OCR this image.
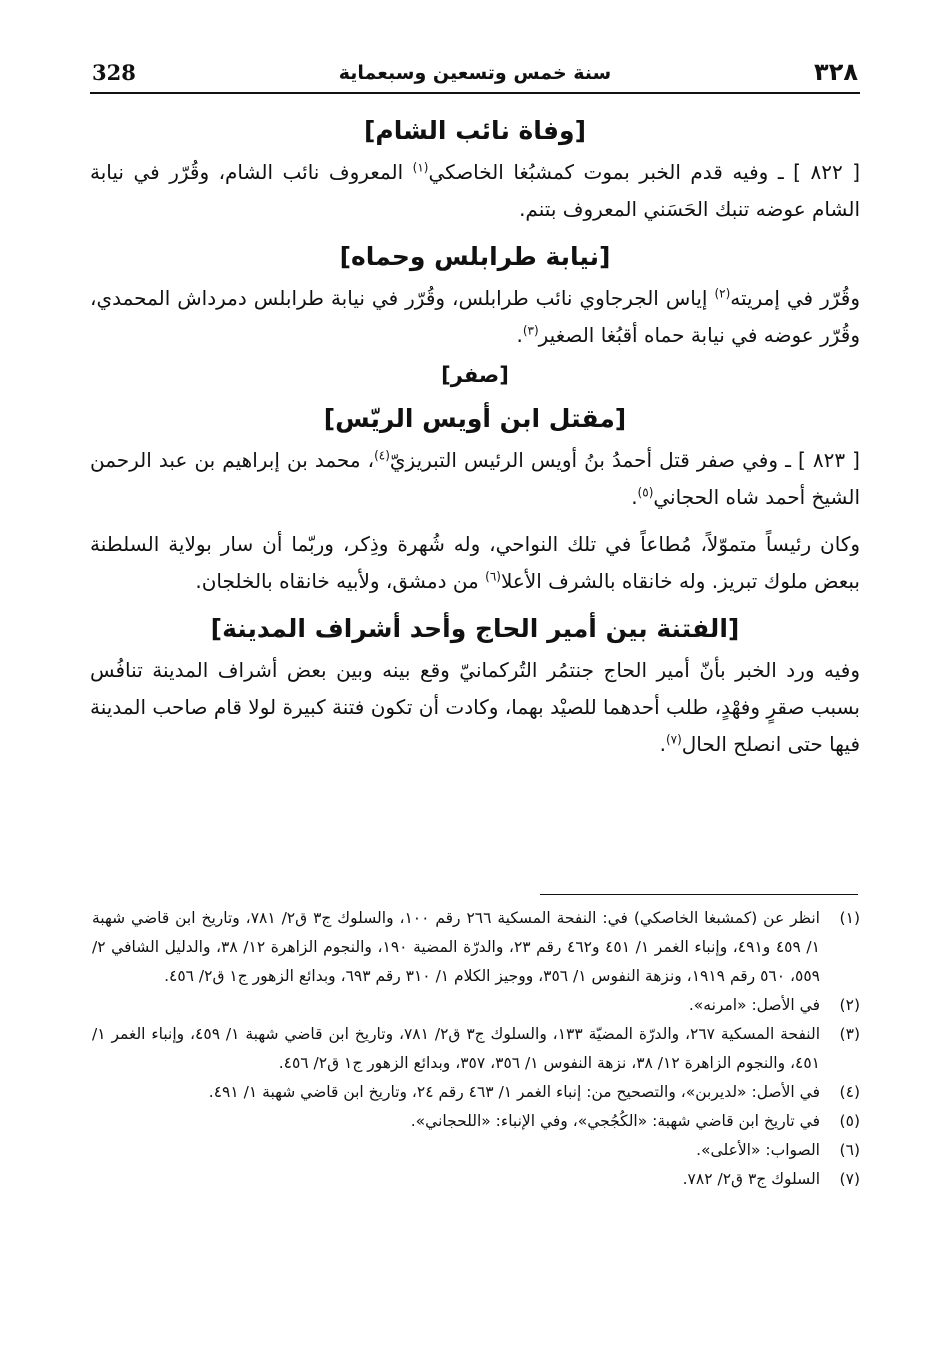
328	سنة خمس وتسعين وسبعماية	٣٢٨
[وفاة نائب الشام]

[ ٨٢٢ ] ـ وفيه قدم الخبر بموت كمشبُغا الخاصكي$^{(١)}$ المعروف نائب الشام، وقُرّر في نيابة الشام عوضه تنبك الحَسَني المعروف بتنم.

[نيابة طرابلس وحماه]

وقُرّر في إمريته$^{(٢)}$ إياس الجرجاوي نائب طرابلس، وقُرّر في نيابة طرابلس دمرداش المحمدي، وقُرّر عوضه في نيابة حماه أقبُغا الصغير$^{(٣)}$.

[صفر]
[مقتل ابن أويس الريّس]

[ ٨٢٣ ] ـ وفي صفر قتل أحمدُ بنُ أويس الرئيس التبريزيّ$^{(٤)}$، محمد بن إبراهيم بن عبد الرحمن الشيخ أحمد شاه الحجاني$^{(٥)}$.

وكان رئيساً متموّلاً، مُطاعاً في تلك النواحي، وله شُهرة وذِكر، وربّما أن سار بولاية السلطنة ببعض ملوك تبريز. وله خانقاه بالشرف الأعلا$^{(٦)}$ من دمشق، ولأبيه خانقاه بالخلجان.

[الفتنة بين أمير الحاج وأحد أشراف المدينة]

وفيه ورد الخبر بأنّ أمير الحاج جنتمُر التُركمانيّ وقع بينه وبين بعض أشراف المدينة تنافُس بسبب صقرٍ وفهْدٍ، طلب أحدهما للصيْد بهما، وكادت أن تكون فتنة كبيرة لولا قام صاحب المدينة فيها حتى انصلح الحال$^{(٧)}$.

(١)
انظر عن (كمشبغا الخاصكي) في: النفحة المسكية ٢٦٦ رقم ١٠٠، والسلوك ج٣ ق٢/ ٧٨١، وتاريخ ابن قاضي شهبة ١/ ٤٥٩ و٤٩١، وإنباء الغمر ١/ ٤٥١ و٤٦٢ رقم ٢٣، والدرّة المضية ١٩٠، والنجوم الزاهرة ١٢/ ٣٨، والدليل الشافي ٢/ ٥٥٩، ٥٦٠ رقم ١٩١٩، ونزهة النفوس ١/ ٣٥٦، ووجيز الكلام ١/ ٣١٠ رقم ٦٩٣، وبدائع الزهور ج١ ق٢/ ٤٥٦.
(٢)
في الأصل: «امرنه».
(٣)
النفحة المسكية ٢٦٧، والدرّة المضيّة ١٣٣، والسلوك ج٣ ق٢/ ٧٨١، وتاريخ ابن قاضي شهبة ١/ ٤٥٩، وإنباء الغمر ١/ ٤٥١، والنجوم الزاهرة ١٢/ ٣٨، نزهة النفوس ١/ ٣٥٦، ٣٥٧، وبدائع الزهور ج١ ق٢/ ٤٥٦.
(٤)
في الأصل: «لديربن»، والتصحيح من: إنباء الغمر ١/ ٤٦٣ رقم ٢٤، وتاريخ ابن قاضي شهبة ١/ ٤٩١.
(٥)
في تاريخ ابن قاضي شهبة: «الكُجُجي»، وفي الإنباء: «اللحجاني».
(٦)
الصواب: «الأعلى».
(٧)
السلوك ج٣ ق٢/ ٧٨٢.
